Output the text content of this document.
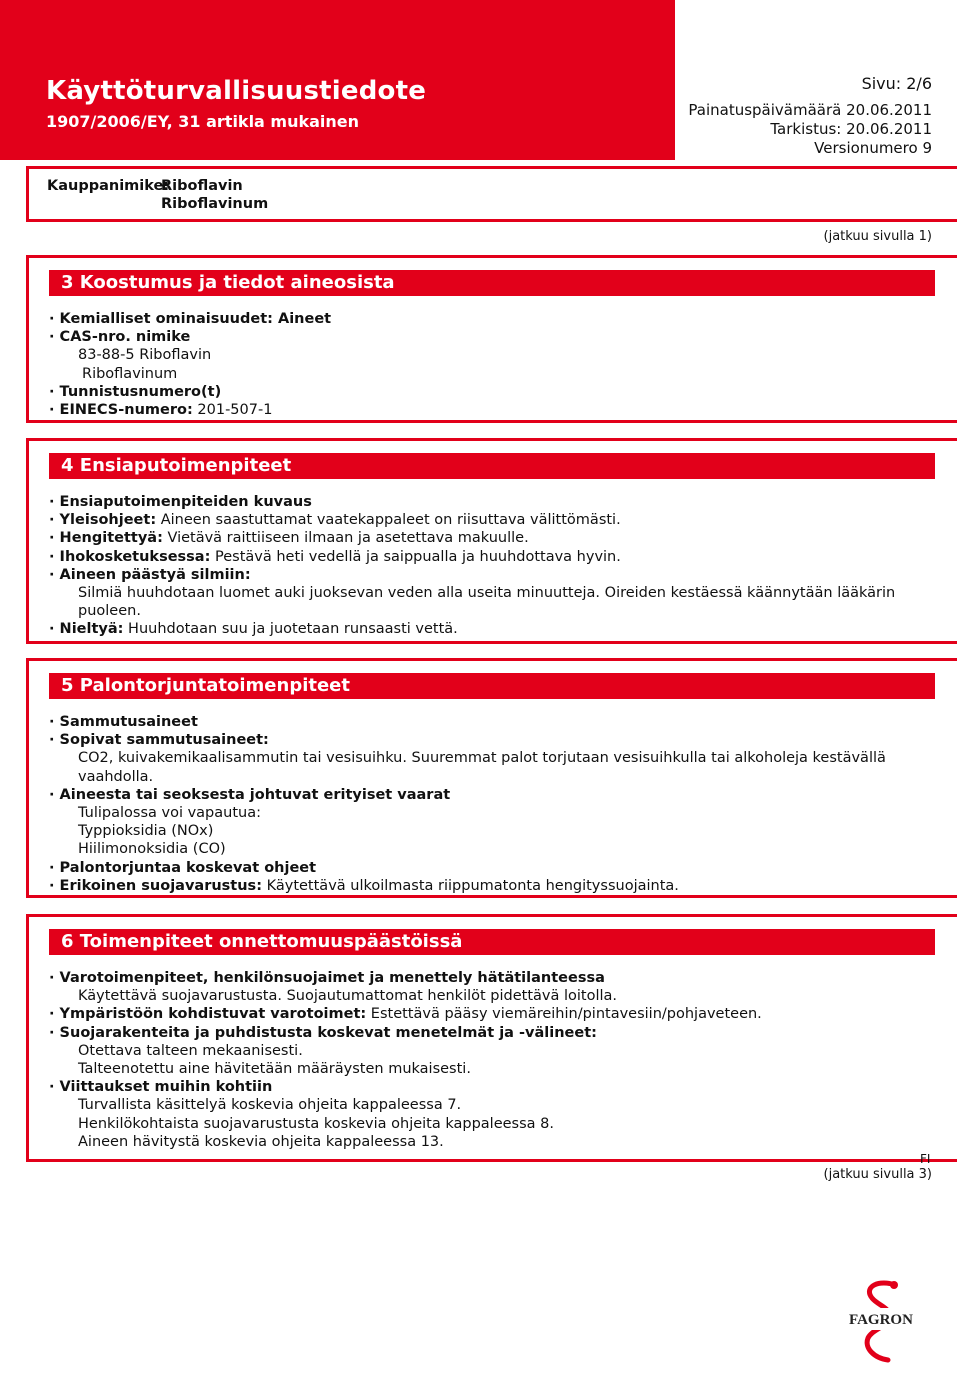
Käyttöturvallisuustiedote
1907/2006/EY, 31 artikla mukainen
Sivu: 2/6
Painatuspäivämäärä 20.06.2011
Tarkistus: 20.06.2011
Versionumero 9
Kauppanimike:
Riboflavin
Riboflavinum
(jatkuu sivulla 1)
3 Koostumus ja tiedot aineosista
· Kemialliset ominaisuudet: Aineet
· CAS-nro. nimike
83-88-5 Riboflavin
Riboflavinum
· Tunnistusnumero(t)
· EINECS-numero: 201-507-1
4 Ensiaputoimenpiteet
· Ensiaputoimenpiteiden kuvaus
· Yleisohjeet: Aineen saastuttamat vaatekappaleet on riisuttava välittömästi.
· Hengitettyä: Vietävä raittiiseen ilmaan ja asetettava makuulle.
· Ihokosketuksessa: Pestävä heti vedellä ja saippualla ja huuhdottava hyvin.
· Aineen päästyä silmiin:
Silmiä huuhdotaan luomet auki juoksevan veden alla useita minuutteja. Oireiden kestäessä käännytään lääkärin puoleen.
· Nieltyä: Huuhdotaan suu ja juotetaan runsaasti vettä.
5 Palontorjuntatoimenpiteet
· Sammutusaineet
· Sopivat sammutusaineet:
CO2, kuivakemikaalisammutin tai vesisuihku. Suuremmat palot torjutaan vesisuihkulla tai alkoholeja kestävällä vaahdolla.
· Aineesta tai seoksesta johtuvat erityiset vaarat
Tulipalossa voi vapautua:
Typpioksidia (NOx)
Hiilimonoksidia (CO)
· Palontorjuntaa koskevat ohjeet
· Erikoinen suojavarustus: Käytettävä ulkoilmasta riippumatonta hengityssuojainta.
6 Toimenpiteet onnettomuuspäästöissä
· Varotoimenpiteet, henkilönsuojaimet ja menettely hätätilanteessa
Käytettävä suojavarustusta. Suojautumattomat henkilöt pidettävä loitolla.
· Ympäristöön kohdistuvat varotoimet: Estettävä pääsy viemäreihin/pintavesiin/pohjaveteen.
· Suojarakenteita ja puhdistusta koskevat menetelmät ja -välineet:
Otettava talteen mekaanisesti.
Talteenotettu aine hävitetään määräysten mukaisesti.
· Viittaukset muihin kohtiin
Turvallista käsittelyä koskevia ohjeita kappaleessa 7.
Henkilökohtaista suojavarustusta koskevia ohjeita kappaleessa 8.
Aineen hävitystä koskevia ohjeita kappaleessa 13.
FI
(jatkuu sivulla 3)
FAGRON
